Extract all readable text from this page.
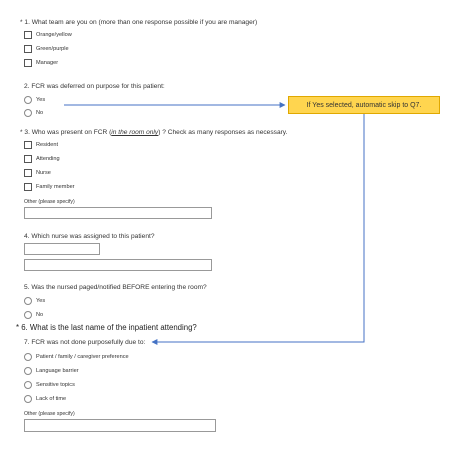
* 1. What team are you on (more than one response possible if you are manager)
Orange/yellow
Green/purple
Manager
2. FCR was deferred on purpose for this patient:
Yes
No
If Yes selected, automatic skip to Q7.
* 3. Who was present on FCR (in the room only) ? Check as many responses as necessary.
Resident
Attending
Nurse
Family member
Other (please specify)
4. Which nurse was assigned to this patient?
5. Was the nursed paged/notified BEFORE entering the room?
Yes
No
* 6. What is the last name of the inpatient attending?
7. FCR was not done purposefully due to:
Patient / family / caregiver preference
Language barrier
Sensitive topics
Lack of time
Other (please specify)
